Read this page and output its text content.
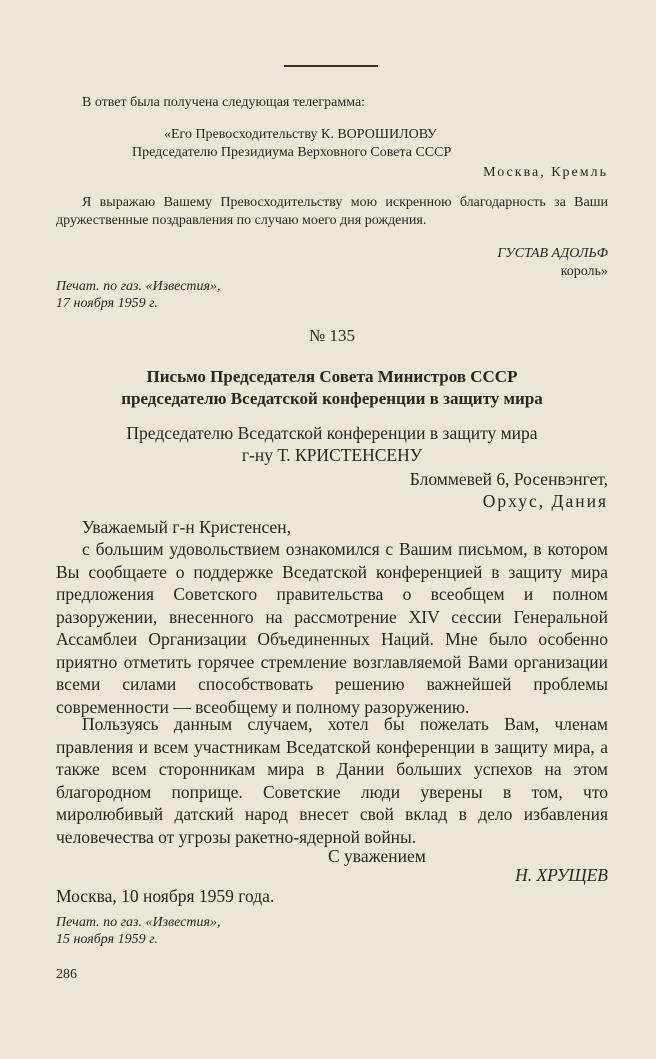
В ответ была получена следующая телеграмма:

«Его Превосходительству К. ВОРОШИЛОВУ

Председателю Президиума Верховного Совета СССР

Москва, Кремль

Я выражаю Вашему Превосходительству мою искренною благодарность за Ваши дружественные поздравления по случаю моего дня рождения.

ГУСТАВ АДОЛЬФ

король»

Печат. по газ. «Известия»,

17 ноября 1959 г.

№ 135

Письмо Председателя Совета Министров СССР

председателю Вседатской конференции в защиту мира

Председателю Вседатской конференции в защиту мира

г-ну Т. КРИСТЕНСЕНУ

Бломмевей 6, Росенвэнгет,

Орхус, Дания

Уважаемый г-н Кристенсен,

с большим удовольствием ознакомился с Вашим письмом, в котором Вы сообщаете о поддержке Вседатской конференцией в защиту мира предложения Советского правительства о всеобщем и полном разоружении, внесенного на рассмотрение XIV сессии Генеральной Ассамблеи Организации Объединенных Наций. Мне было особенно приятно отметить горячее стремление возглавляемой Вами организации всеми силами способствовать решению важнейшей проблемы современности — всеобщему и полному разоружению.

Пользуясь данным случаем, хотел бы пожелать Вам, членам правления и всем участникам Вседатской конференции в защиту мира, а также всем сторонникам мира в Дании больших успехов на этом благородном поприще. Советские люди уверены в том, что миролюбивый датский народ внесет свой вклад в дело избавления человечества от угрозы ракетно-ядерной войны.

С уважением

Н. ХРУЩЕВ

Москва, 10 ноября 1959 года.

Печат. по газ. «Известия»,

15 ноября 1959 г.

286
